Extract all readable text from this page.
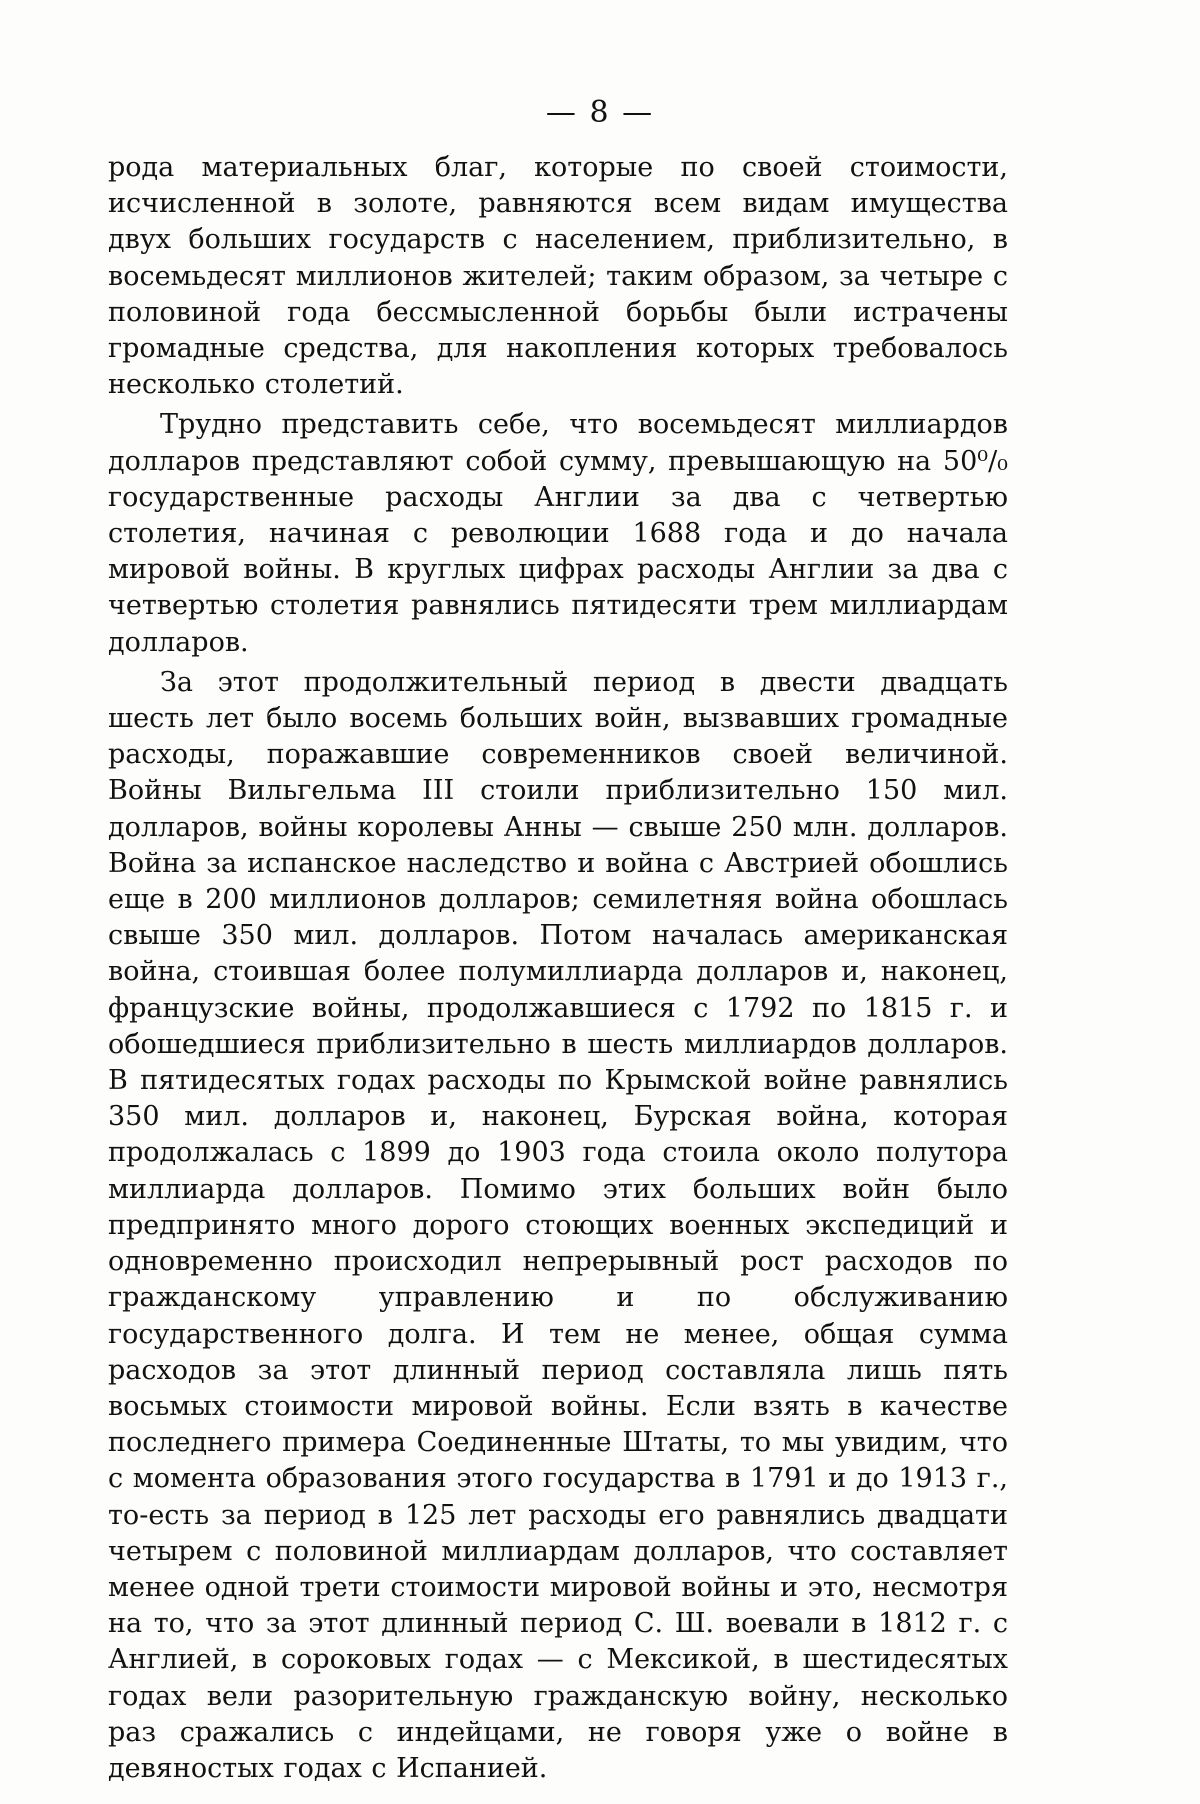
— 8 —

рода материальных благ, которые по своей стоимости, исчисленной в золоте, равняются всем видам имущества двух больших государств с населением, приблизительно, в восемьдесят миллионов жителей; таким образом, за четыре с половиной года бессмысленной борьбы были истрачены громадные средства, для накопления которых требовалось несколько столетий.

Трудно представить себе, что восемьдесят миллиардов долларов представляют собой сумму, превышающую на 50⁰/₀ государственные расходы Англии за два с четвертью столетия, начиная с революции 1688 года и до начала мировой войны. В круглых цифрах расходы Англии за два с четвертью столетия равнялись пятидесяти трем миллиардам долларов.

За этот продолжительный период в двести двадцать шесть лет было восемь больших войн, вызвавших громадные расходы, поражавшие современников своей величиной. Войны Вильгельма III стоили приблизительно 150 мил. долларов, войны королевы Анны — свыше 250 млн. долларов. Война за испанское наследство и война с Австрией обошлись еще в 200 миллионов долларов; семилетняя война обошлась свыше 350 мил. долларов. Потом началась американская война, стоившая более полумиллиарда долларов и, наконец, французские войны, продолжавшиеся с 1792 по 1815 г. и обошедшиеся приблизительно в шесть миллиардов долларов. В пятидесятых годах расходы по Крымской войне равнялись 350 мил. долларов и, наконец, Бурская война, которая продолжалась с 1899 до 1903 года стоила около полутора миллиарда долларов. Помимо этих больших войн было предпринято много дорого стоющих военных экспедиций и одновременно происходил непрерывный рост расходов по гражданскому управлению и по обслуживанию государственного долга. И тем не менее, общая сумма расходов за этот длинный период составляла лишь пять восьмых стоимости мировой войны. Если взять в качестве последнего примера Соединенные Штаты, то мы увидим, что с момента образования этого государства в 1791 и до 1913 г., то-есть за период в 125 лет расходы его равнялись двадцати четырем с половиной миллиардам долларов, что составляет менее одной трети стоимости мировой войны и это, несмотря на то, что за этот длинный период С. Ш. воевали в 1812 г. с Англией, в сороковых годах — с Мексикой, в шестидесятых годах вели разорительную гражданскую войну, несколько раз сражались с индейцами, не говоря уже о войне в девяностых годах с Испанией.
